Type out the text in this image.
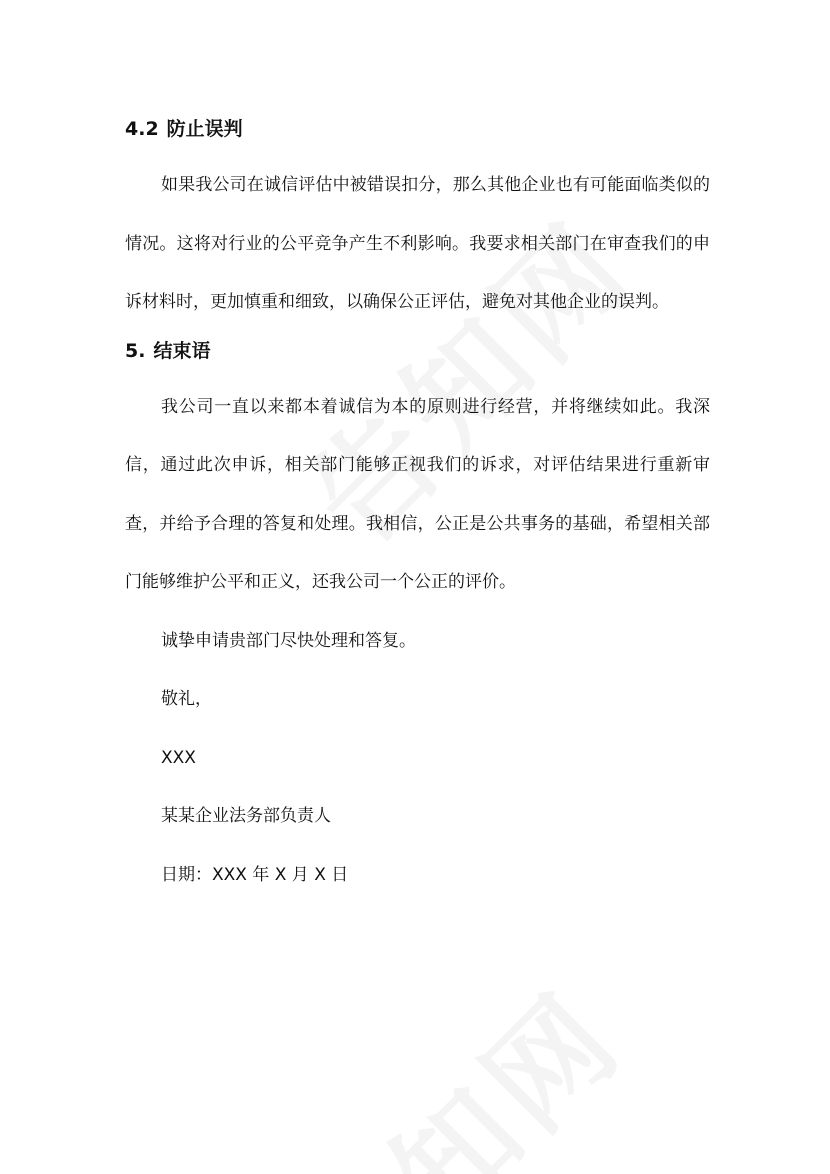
4.2 防止误判

如果我公司在诚信评估中被错误扣分，那么其他企业也有可能面临类似的情况。这将对行业的公平竞争产生不利影响。我要求相关部门在审查我们的申诉材料时，更加慎重和细致，以确保公正评估，避免对其他企业的误判。

5. 结束语

我公司一直以来都本着诚信为本的原则进行经营，并将继续如此。我深信，通过此次申诉，相关部门能够正视我们的诉求，对评估结果进行重新审查，并给予合理的答复和处理。我相信，公正是公共事务的基础，希望相关部门能够维护公平和正义，还我公司一个公正的评价。

诚挚申请贵部门尽快处理和答复。

敬礼，

XXX

某某企业法务部负责人

日期：XXX 年 X 月 X 日
